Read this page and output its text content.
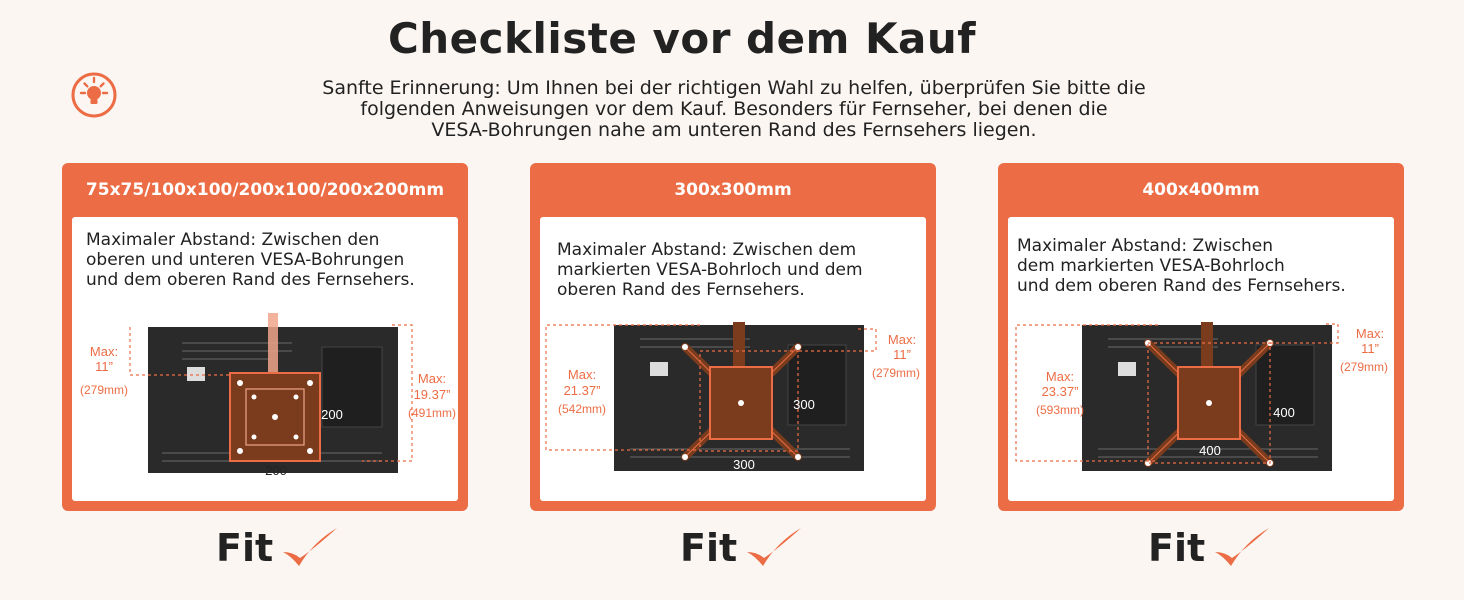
Checkliste vor dem Kauf
Sanfte Erinnerung: Um Ihnen bei der richtigen Wahl zu helfen, überprüfen Sie bitte die
folgenden Anweisungen vor dem Kauf. Besonders für Fernseher, bei denen die
VESA-Bohrungen nahe am unteren Rand des Fernsehers liegen.
75x75/100x100/200x100/200x200mm
Maximaler Abstand: Zwischen den
oberen und unteren VESA-Bohrungen
und dem oberen Rand des Fernsehers.
Max:
11”
(279mm)
Max:
19.37”
(491mm)
200
200
Fit
300x300mm
Maximaler Abstand: Zwischen dem
markierten VESA-Bohrloch und dem
oberen Rand des Fernsehers.
Max:
21.37”
(542mm)
Max:
11”
(279mm)
300
300
Fit
400x400mm
Maximaler Abstand: Zwischen
dem markierten VESA-Bohrloch
und dem oberen Rand des Fernsehers.
Max:
23.37”
(593mm)
Max:
11”
(279mm)
400
400
Fit
